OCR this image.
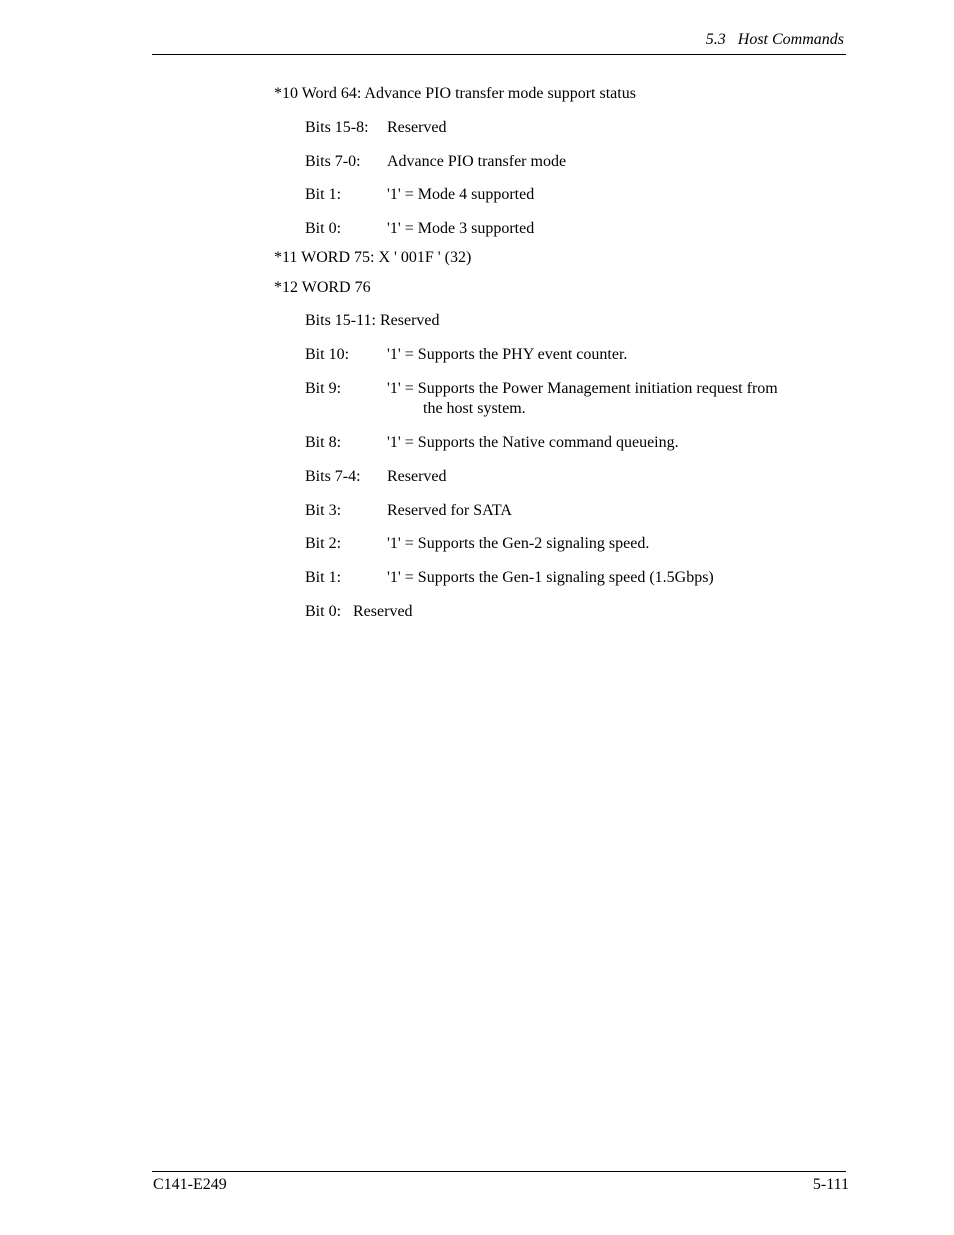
5.3   Host Commands
*10 Word 64: Advance PIO transfer mode support status
Bits 15-8: Reserved
Bits 7-0: Advance PIO transfer mode
Bit 1:	'1' = Mode 4 supported
Bit 0:	'1' = Mode 3 supported
*11 WORD 75: X ' 001F ' (32)
*12 WORD 76
Bits 15-11: Reserved
Bit 10: '1' = Supports the PHY event counter.
Bit 9:	'1' = Supports the Power Management initiation request from
the host system.
Bit 8:	'1' = Supports the Native command queueing.
Bits 7-4: Reserved
Bit 3:	Reserved for SATA
Bit 2:	'1' = Supports the Gen-2 signaling speed.
Bit 1:	'1' = Supports the Gen-1 signaling speed (1.5Gbps)
Bit 0:   Reserved
C141-E249	5-111
